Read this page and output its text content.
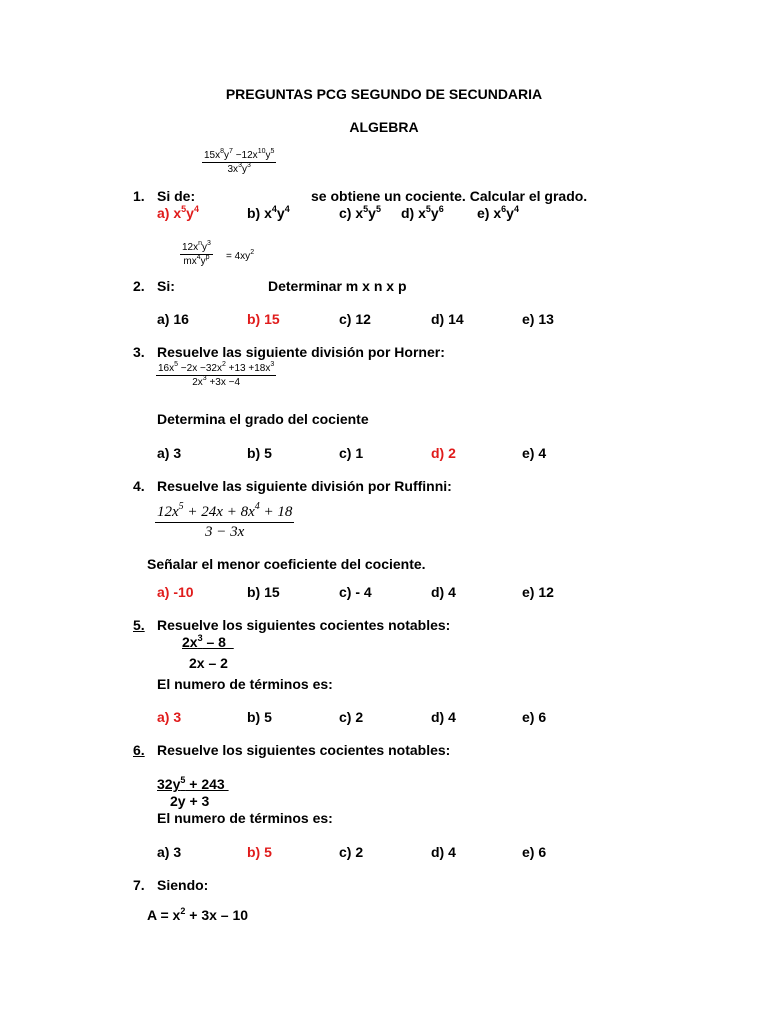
PREGUNTAS PCG SEGUNDO DE SECUNDARIA
ALGEBRA
$\frac{15x^8y^7 -12x^{10}y^5}{3x^3y^3}$
1. Si de:	se obtiene un cociente. Calcular el grado.
a) $x^5y^4$	b) $x^4y^4$	c) $x^5y^5$ d) $x^5y^6$ e) $x^6y^4$
$12x^ny^3$
$mx^4y^p$	= $4xy^2$
2. Si:	Determinar m x n x p
a) 16	b) 15	c) 12	d) 14	e) 13
3. Resuelve las siguiente división por Horner:
$\frac{16x^5 -2x -32x^2 +13 +18x^3}{2x^3 +3x -4}$
Determina el grado del cociente
a) 3	b) 5	c) 1	d) 2	e) 4
4. Resuelve las siguiente división por Ruffinni:
$\frac{12x^5 + 24x + 8x^4 + 18}{3 - 3x}$
Señalar el menor coeficiente del cociente.
a) -10	b) 15	c) - 4	d) 4	e) 12
5. Resuelve los siguientes cocientes notables:
$2x^3 - 8$
2x – 2
El numero de términos es:
a) 3	b) 5	c) 2	d) 4	e) 6
6. Resuelve los siguientes cocientes notables:
$32y^5 + 243$
2y + 3
El numero de términos es:
a) 3	b) 5	c) 2	d) 4	e) 6
7. Siendo:
$A = x^2 + 3x - 10$
